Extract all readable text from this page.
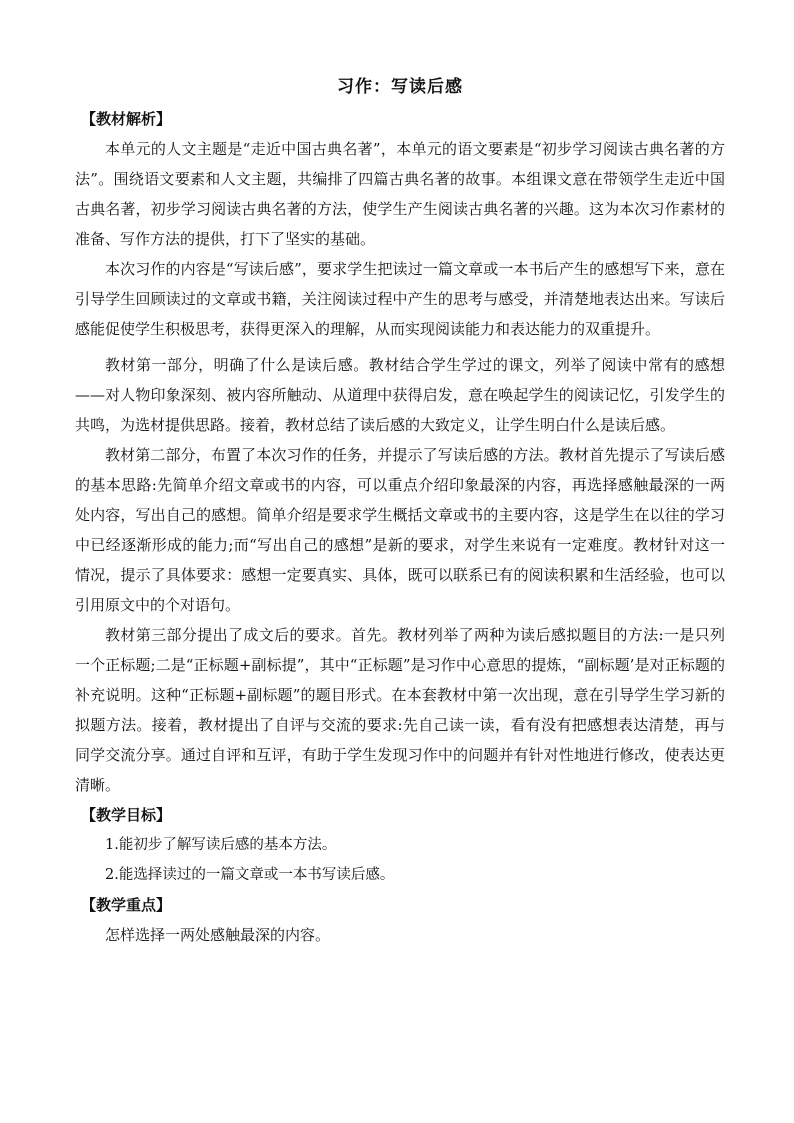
习作：写读后感
【教材解析】

本单元的人文主题是“走近中国古典名著”，本单元的语文要素是“初步学习阅读古典名著的方法”。围绕语文要素和人文主题，共编排了四篇古典名著的故事。本组课文意在带领学生走近中国古典名著，初步学习阅读古典名著的方法，使学生产生阅读古典名著的兴趣。这为本次习作素材的准备、写作方法的提供，打下了坚实的基础。

本次习作的内容是“写读后感”，要求学生把读过一篇文章或一本书后产生的感想写下来，意在引导学生回顾读过的文章或书籍，关注阅读过程中产生的思考与感受，并清楚地表达出来。写读后感能促使学生积极思考，获得更深入的理解，从而实现阅读能力和表达能力的双重提升。

教材第一部分，明确了什么是读后感。教材结合学生学过的课文，列举了阅读中常有的感想——对人物印象深刻、被内容所触动、从道理中获得启发，意在唤起学生的阅读记忆，引发学生的共鸣，为选材提供思路。接着，教材总结了读后感的大致定义，让学生明白什么是读后感。

教材第二部分，布置了本次习作的任务，并提示了写读后感的方法。教材首先提示了写读后感的基本思路:先简单介绍文章或书的内容，可以重点介绍印象最深的内容，再选择感触最深的一两处内容，写出自己的感想。简单介绍是要求学生概括文章或书的主要内容，这是学生在以往的学习中已经逐渐形成的能力;而“写出自己的感想”是新的要求，对学生来说有一定难度。教材针对这一情况，提示了具体要求：感想一定要真实、具体，既可以联系已有的阅读积累和生活经验，也可以引用原文中的个对语句。

教材第三部分提出了成文后的要求。首先。教材列举了两种为读后感拟题目的方法:一是只列一个正标题;二是“正标题+副标提”，其中“正标题”是习作中心意思的提炼，“副标题’是对正标题的补充说明。这种“正标题+副标题”的题目形式。在本套教材中第一次出现，意在引导学生学习新的拟题方法。接着，教材提出了自评与交流的要求:先自己读一读，看有没有把感想表达清楚，再与同学交流分享。通过自评和互评，有助于学生发现习作中的问题并有针对性地进行修改，使表达更清晰。

【教学目标】

1.能初步了解写读后感的基本方法。

2.能选择读过的一篇文章或一本书写读后感。

【教学重点】

怎样选择一两处感触最深的内容。
